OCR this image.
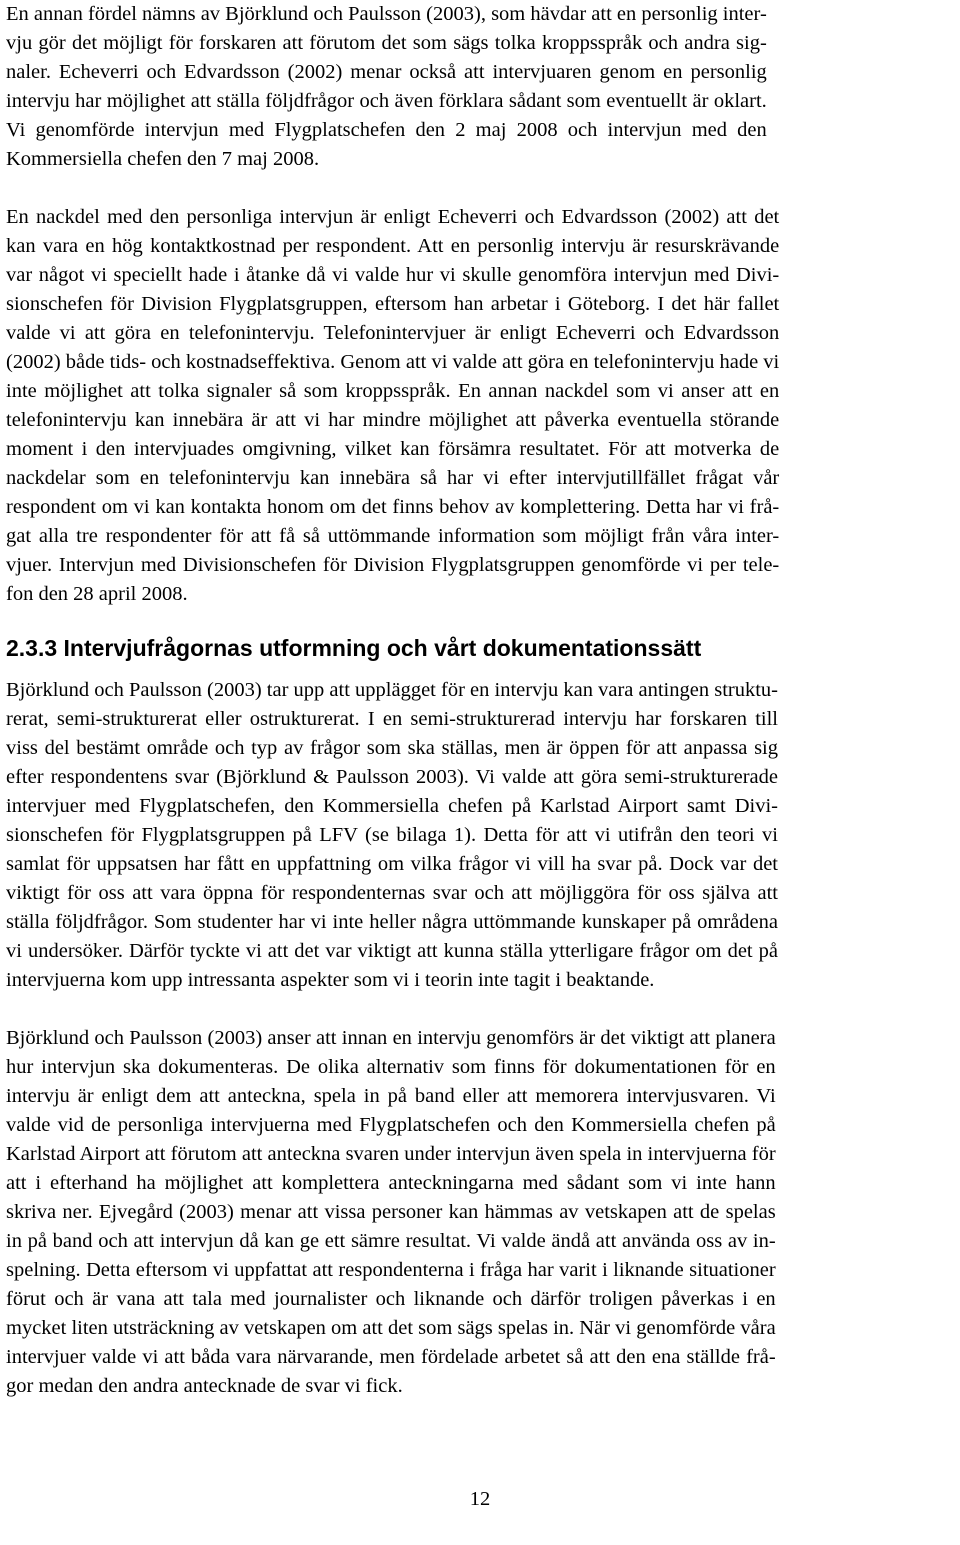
En annan fördel nämns av Björklund och Paulsson (2003), som hävdar att en personlig inter-
vju gör det möjligt för forskaren att förutom det som sägs tolka kroppsspråk och andra sig-
naler. Echeverri och Edvardsson (2002) menar också att intervjuaren genom en personlig
intervju har möjlighet att ställa följdfrågor och även förklara sådant som eventuellt är oklart.
Vi genomförde intervjun med Flygplatschefen den 2 maj 2008 och intervjun med den
Kommersiella chefen den 7 maj 2008.
En nackdel med den personliga intervjun är enligt Echeverri och Edvardsson (2002) att det
kan vara en hög kontaktkostnad per respondent. Att en personlig intervju är resurskrävande
var något vi speciellt hade i åtanke då vi valde hur vi skulle genomföra intervjun med Divi-
sionschefen för Division Flygplatsgruppen, eftersom han arbetar i Göteborg. I det här fallet
valde vi att göra en telefonintervju. Telefonintervjuer är enligt Echeverri och Edvardsson
(2002) både tids- och kostnadseffektiva. Genom att vi valde att göra en telefonintervju hade vi
inte möjlighet att tolka signaler så som kroppsspråk. En annan nackdel som vi anser att en
telefonintervju kan innebära är att vi har mindre möjlighet att påverka eventuella störande
moment i den intervjuades omgivning, vilket kan försämra resultatet. För att motverka de
nackdelar som en telefonintervju kan innebära så har vi efter intervjutillfället frågat vår
respondent om vi kan kontakta honom om det finns behov av komplettering. Detta har vi frå-
gat alla tre respondenter för att få så uttömmande information som möjligt från våra inter-
vjuer. Intervjun med Divisionschefen för Division Flygplatsgruppen genomförde vi per tele-
fon den 28 april 2008.
2.3.3 Intervjufrågornas utformning och vårt dokumentationssätt
Björklund och Paulsson (2003) tar upp att upplägget för en intervju kan vara antingen struktu-
rerat, semi-strukturerat eller ostrukturerat. I en semi-strukturerad intervju har forskaren till
viss del bestämt område och typ av frågor som ska ställas, men är öppen för att anpassa sig
efter respondentens svar (Björklund & Paulsson 2003). Vi valde att göra semi-strukturerade
intervjuer med Flygplatschefen, den Kommersiella chefen på Karlstad Airport samt Divi-
sionschefen för Flygplatsgruppen på LFV (se bilaga 1). Detta för att vi utifrån den teori vi
samlat för uppsatsen har fått en uppfattning om vilka frågor vi vill ha svar på. Dock var det
viktigt för oss att vara öppna för respondenternas svar och att möjliggöra för oss själva att
ställa följdfrågor. Som studenter har vi inte heller några uttömmande kunskaper på områdena
vi undersöker. Därför tyckte vi att det var viktigt att kunna ställa ytterligare frågor om det på
intervjuerna kom upp intressanta aspekter som vi i teorin inte tagit i beaktande.
Björklund och Paulsson (2003) anser att innan en intervju genomförs är det viktigt att planera
hur intervjun ska dokumenteras. De olika alternativ som finns för dokumentationen för en
intervju är enligt dem att anteckna, spela in på band eller att memorera intervjusvaren. Vi
valde vid de personliga intervjuerna med Flygplatschefen och den Kommersiella chefen på
Karlstad Airport att förutom att anteckna svaren under intervjun även spela in intervjuerna för
att i efterhand ha möjlighet att komplettera anteckningarna med sådant som vi inte hann
skriva ner. Ejvegård (2003) menar att vissa personer kan hämmas av vetskapen att de spelas
in på band och att intervjun då kan ge ett sämre resultat. Vi valde ändå att använda oss av in-
spelning. Detta eftersom vi uppfattat att respondenterna i fråga har varit i liknande situationer
förut och är vana att tala med journalister och liknande och därför troligen påverkas i en
mycket liten utsträckning av vetskapen om att det som sägs spelas in. När vi genomförde våra
intervjuer valde vi att båda vara närvarande, men fördelade arbetet så att den ena ställde frå-
gor medan den andra antecknade de svar vi fick.
12
